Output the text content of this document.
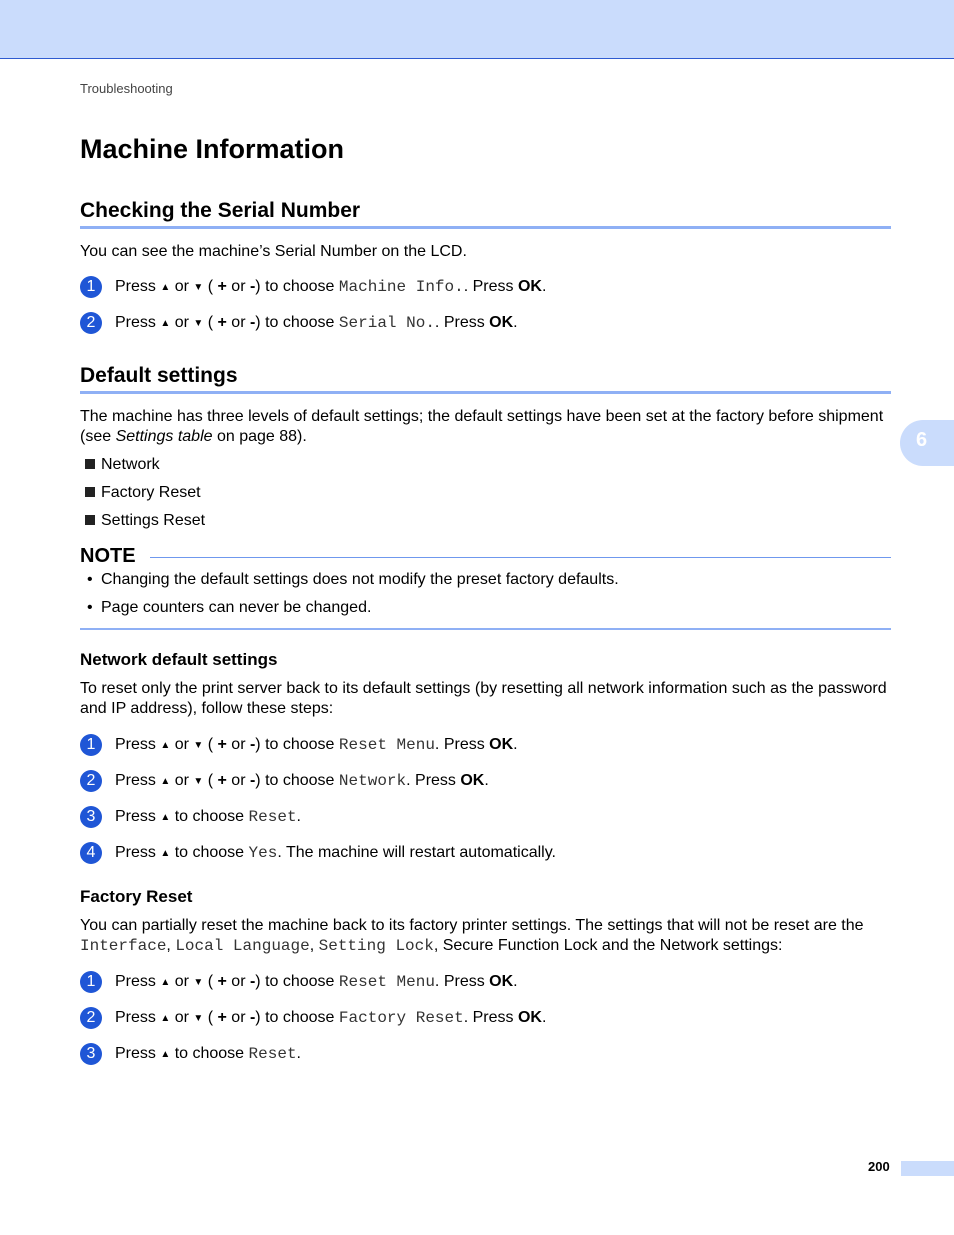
Troubleshooting
Machine Information
Checking the Serial Number

You can see the machine’s Serial Number on the LCD.

1	Press ▲ or ▼ ( + or -) to choose Machine Info.. Press OK.
2	Press ▲ or ▼ ( + or -) to choose Serial No.. Press OK.
Default settings

The machine has three levels of default settings; the default settings have been set at the factory before shipment (see Settings table on page 88).

Network
Factory Reset
Settings Reset
NOTE
• Changing the default settings does not modify the preset factory defaults.
• Page counters can never be changed.
Network default settings

To reset only the print server back to its default settings (by resetting all network information such as the password and IP address), follow these steps:

1	Press ▲ or ▼ ( + or -) to choose Reset Menu. Press OK.
2	Press ▲ or ▼ ( + or -) to choose Network. Press OK.
3	Press ▲ to choose Reset.
4	Press ▲ to choose Yes. The machine will restart automatically.
Factory Reset

You can partially reset the machine back to its factory printer settings. The settings that will not be reset are the Interface, Local Language, Setting Lock, Secure Function Lock and the Network settings:

1	Press ▲ or ▼ ( + or -) to choose Reset Menu. Press OK.
2	Press ▲ or ▼ ( + or -) to choose Factory Reset. Press OK.
3	Press ▲ to choose Reset.
6
200
